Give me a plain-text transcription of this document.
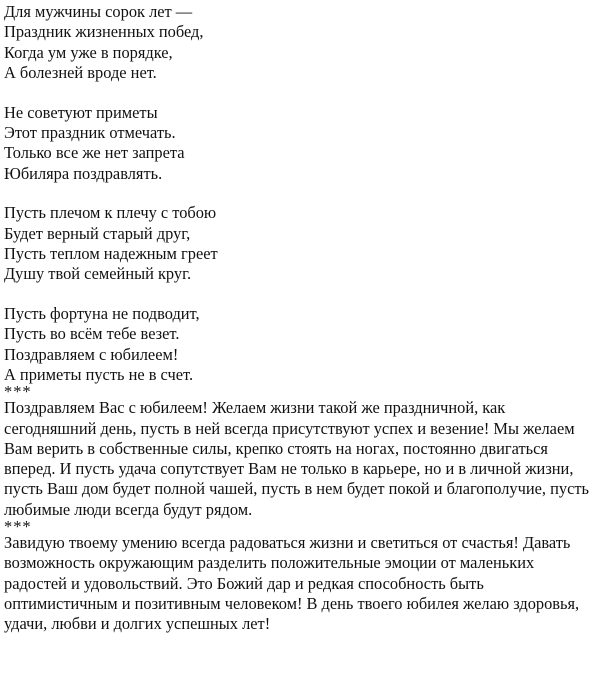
Для мужчины сорок лет —
Праздник жизненных побед,
Когда ум уже в порядке,
А болезней вроде нет.
Не советуют приметы
Этот праздник отмечать.
Только все же нет запрета
Юбиляра поздравлять.
Пусть плечом к плечу с тобою
Будет верный старый друг,
Пусть теплом надежным греет
Душу твой семейный круг.
Пусть фортуна не подводит,
Пусть во всём тебе везет.
Поздравляем с юбилеем!
А приметы пусть не в счет.
***

Поздравляем Вас с юбилеем! Желаем жизни такой же праздничной, как сегодняшний день, пусть в ней всегда присутствуют успех и везение! Мы желаем Вам верить в собственные силы, крепко стоять на ногах, постоянно двигаться вперед. И пусть удача сопутствует Вам не только в карьере, но и в личной жизни, пусть Ваш дом будет полной чашей, пусть в нем будет покой и благополучие, пусть любимые люди всегда будут рядом.

***

Завидую твоему умению всегда радоваться жизни и светиться от счастья! Давать возможность окружающим разделить положительные эмоции от маленьких радостей и удовольствий. Это Божий дар и редкая способность быть оптимистичным и позитивным человеком! В день твоего юбилея желаю здоровья, удачи, любви и долгих успешных лет!
